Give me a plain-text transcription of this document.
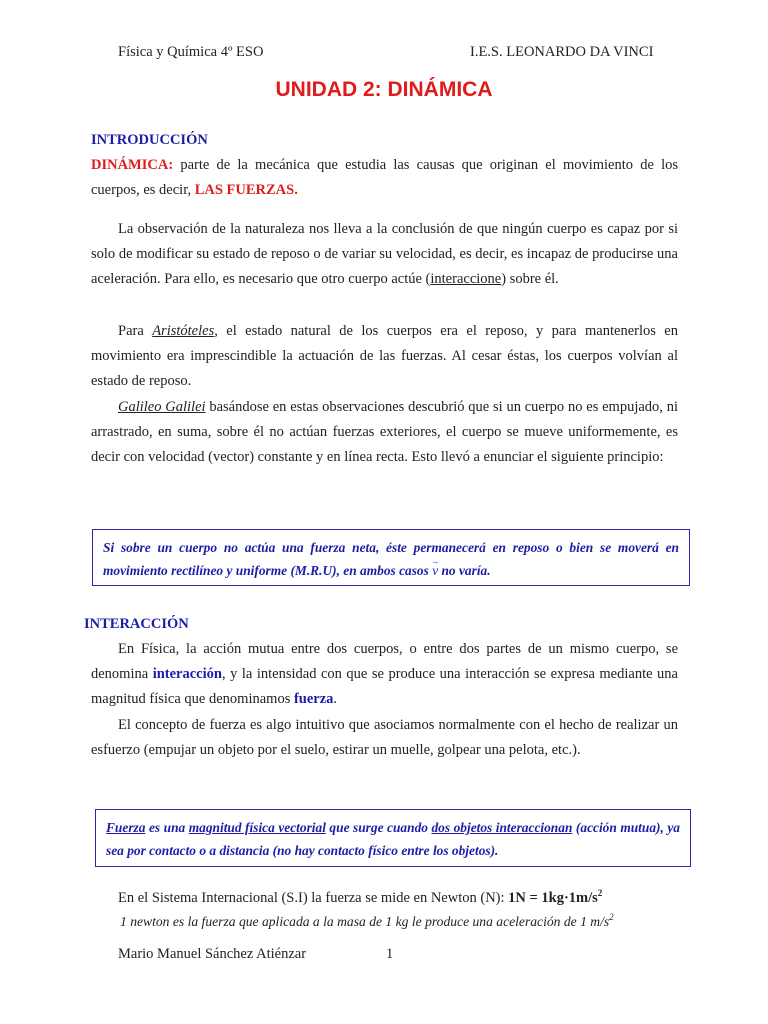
Física y Química 4º ESO	I.E.S. LEONARDO DA VINCI
UNIDAD 2: DINÁMICA
INTRODUCCIÓN

DINÁMICA: parte de la mecánica que estudia las causas que originan el movimiento de los cuerpos, es decir, LAS FUERZAS.

La observación de la naturaleza nos lleva a la conclusión de que ningún cuerpo es capaz por si solo de modificar su estado de reposo o de variar su velocidad, es decir, es incapaz de producirse una aceleración. Para ello, es necesario que otro cuerpo actúe (interaccione) sobre él.

Para Aristóteles, el estado natural de los cuerpos era el reposo, y para mantenerlos en movimiento era imprescindible la actuación de las fuerzas. Al cesar éstas, los cuerpos volvían al estado de reposo.

Galileo Galilei basándose en estas observaciones descubrió que si un cuerpo no es empujado, ni arrastrado, en suma, sobre él no actúan fuerzas exteriores, el cuerpo se mueve uniformemente, es decir con velocidad (vector) constante y en línea recta. Esto llevó a enunciar el siguiente principio:

Si sobre un cuerpo no actúa una fuerza neta, éste permanecerá en reposo o bien se moverá en movimiento rectilíneo y uniforme (M.R.U), en ambos casos → v no varía.

INTERACCIÓN

En Física, la acción mutua entre dos cuerpos, o entre dos partes de un mismo cuerpo, se denomina interacción, y la intensidad con que se produce una interacción se expresa mediante una magnitud física que denominamos fuerza.

El concepto de fuerza es algo intuitivo que asociamos normalmente con el hecho de realizar un esfuerzo (empujar un objeto por el suelo, estirar un muelle, golpear una pelota, etc.).

Fuerza es una magnitud física vectorial que surge cuando dos objetos interaccionan (acción mutua), ya sea por contacto o a distancia (no hay contacto físico entre los objetos).

En el Sistema Internacional (S.I) la fuerza se mide en Newton (N): $1N = 1kg\cdot 1m/s^2$
1 newton es la fuerza que aplicada a la masa de 1 kg le produce una aceleración de 1 $m/s^2$
Mario Manuel Sánchez Atiénzar	1
